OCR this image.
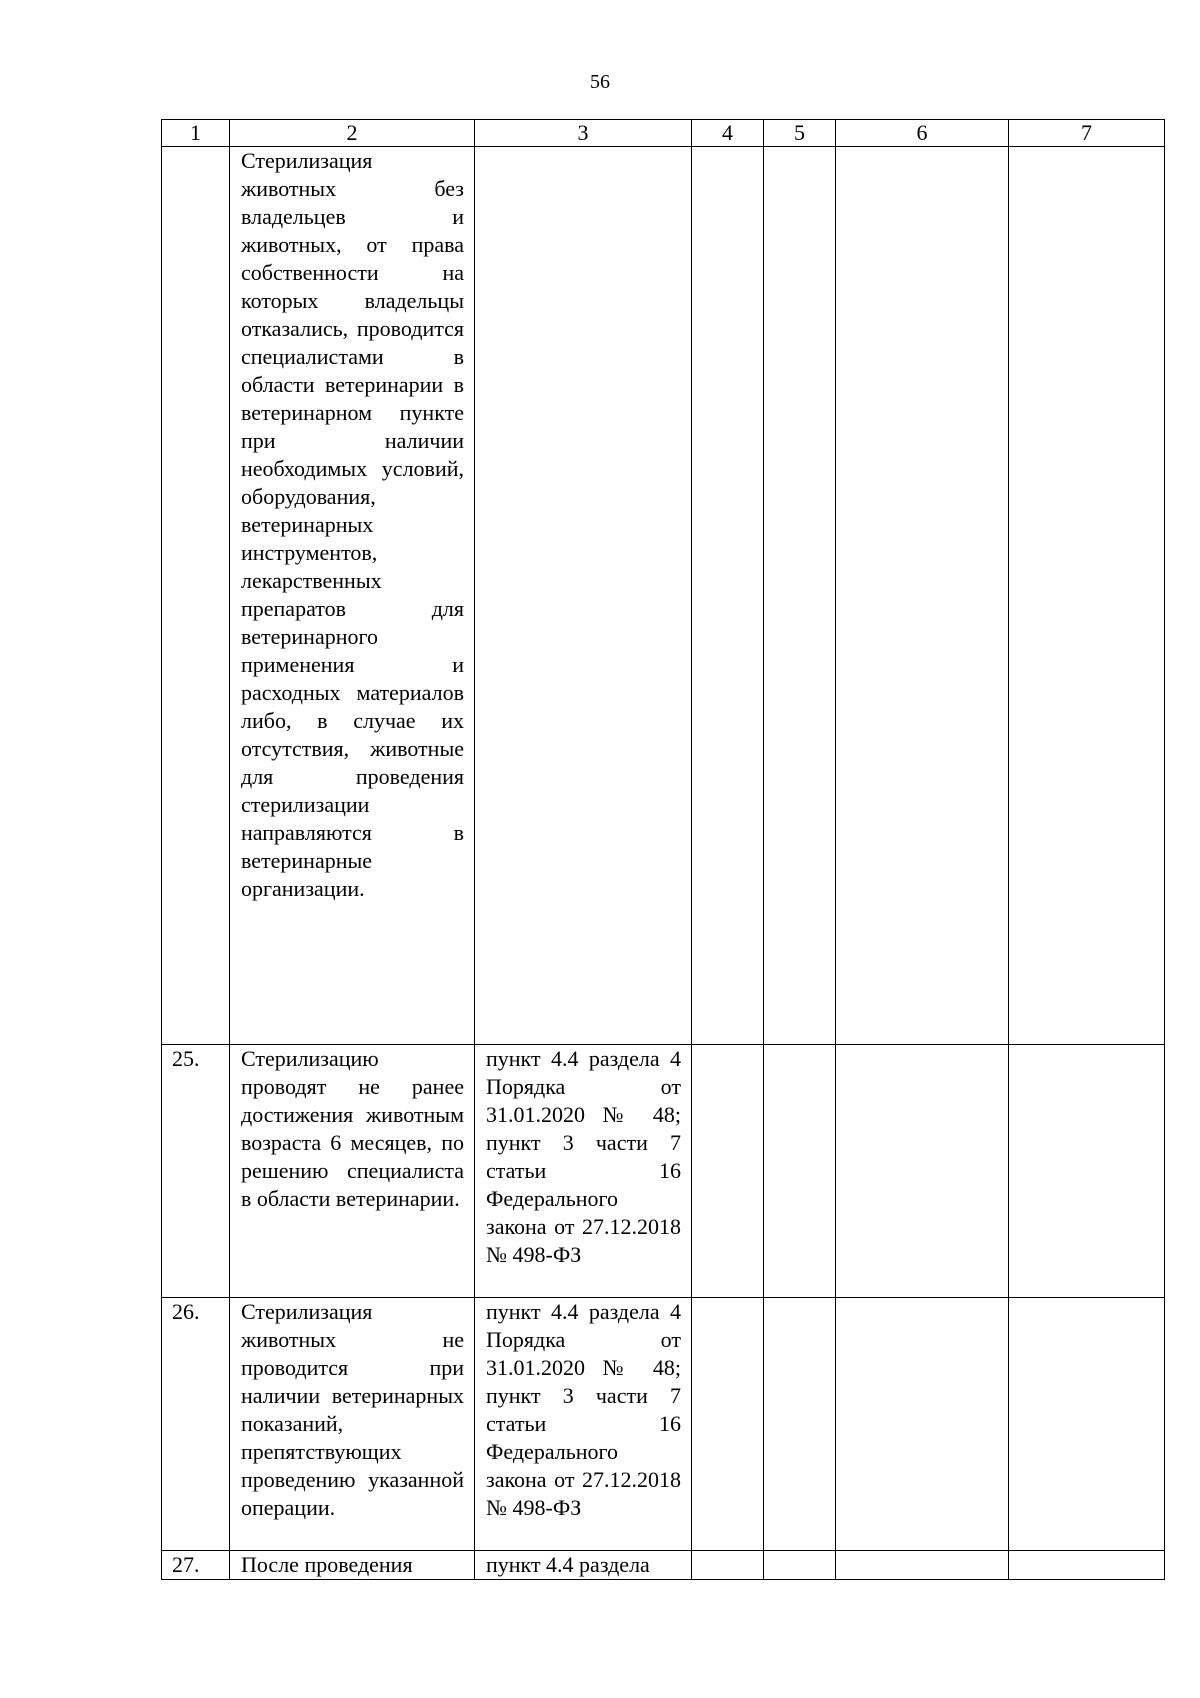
56
1	2	3	4	5	6	7

	Стерилизация животных без владельцев и животных, от права собственности на которых владельцы отказались, проводится специалистами в области ветеринарии в ветеринарном пункте при наличии необходимых условий, оборудования, ветеринарных инструментов, лекарственных препаратов для ветеринарного применения и расходных материалов либо, в случае их отсутствия, животные для проведения стерилизации направляются в ветеринарные организации.					

25.	Стерилизацию проводят не ранее достижения животным возраста 6 месяцев, по решению специалиста в области ветеринарии.	пункт 4.4 раздела 4 Порядка от 31.01.2020 № 48; пункт 3 части 7 статьи 16 Федерального закона от 27.12.2018 № 498-ФЗ				

26.	Стерилизация животных не проводится при наличии ветеринарных показаний, препятствующих проведению указанной операции.	пункт 4.4 раздела 4 Порядка от 31.01.2020 № 48; пункт 3 части 7 статьи 16 Федерального закона от 27.12.2018 № 498-ФЗ				

27.	После проведения	пункт 4.4 раздела				
